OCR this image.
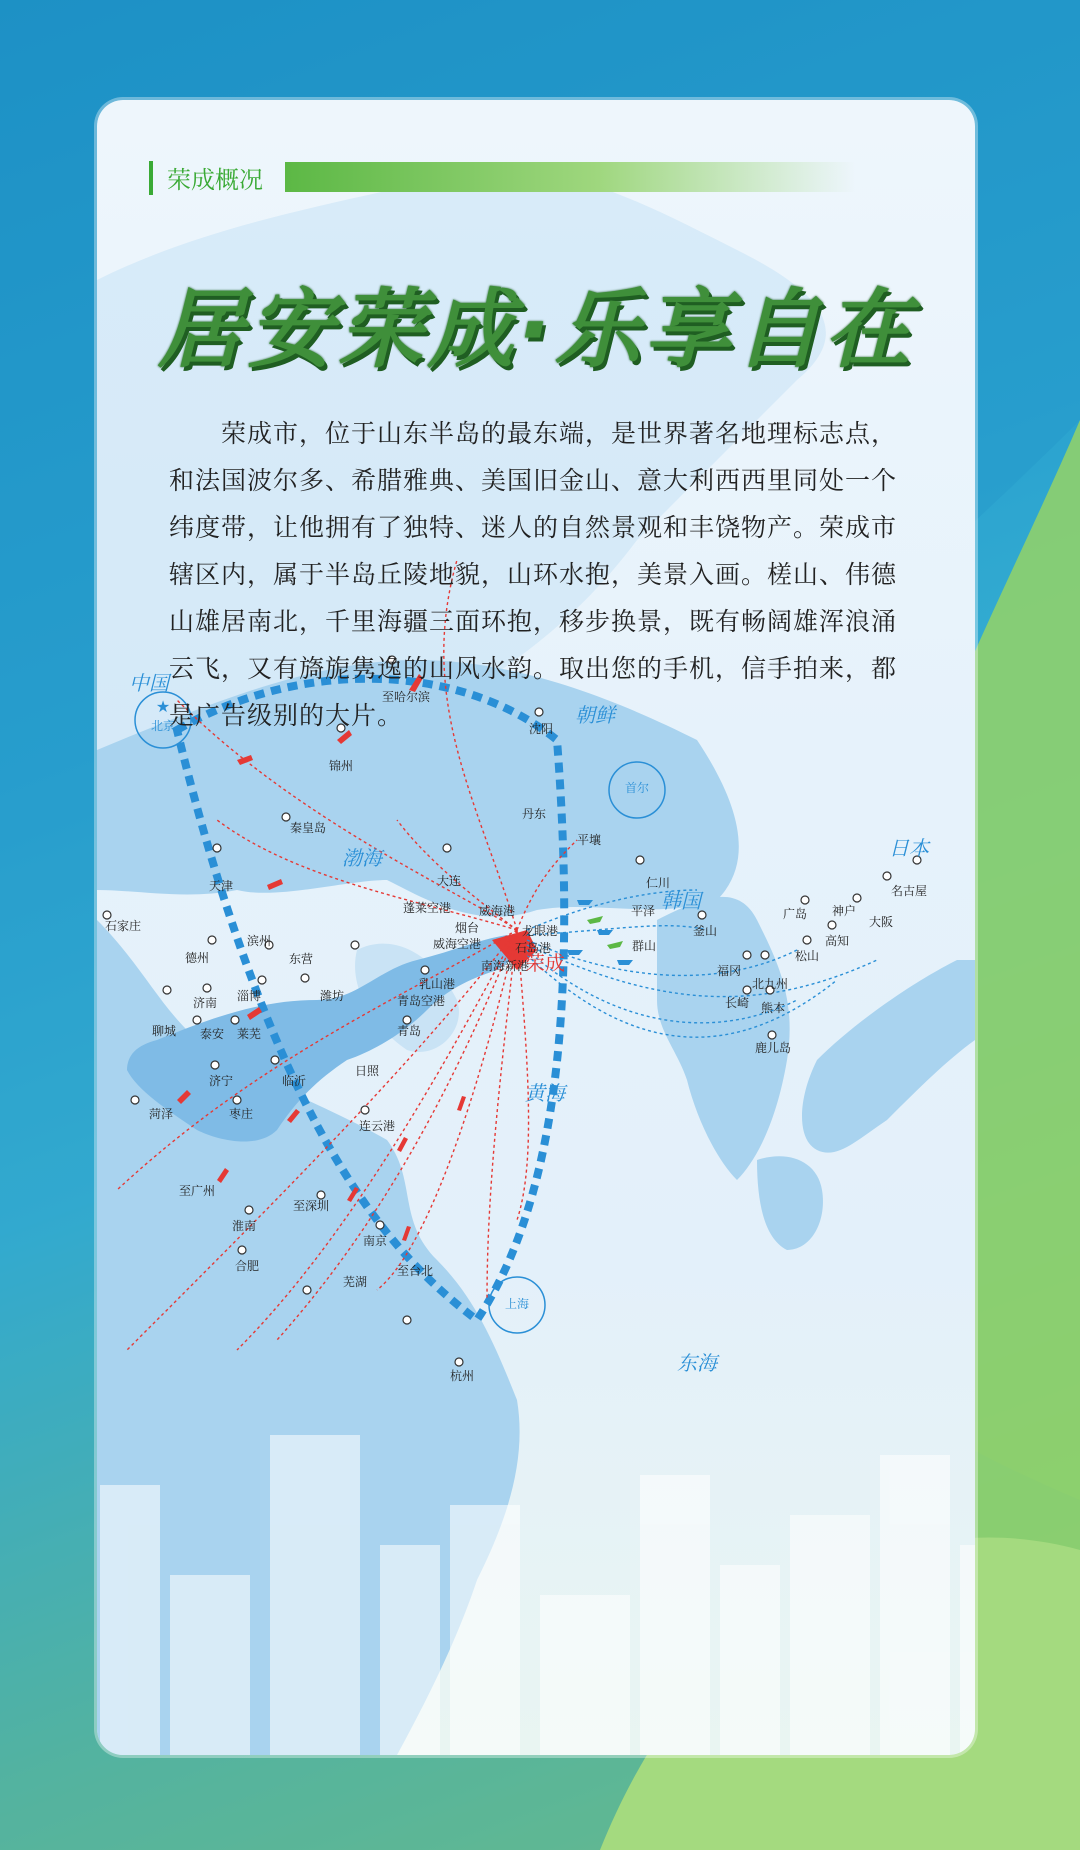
★	至哈尔滨
沈阳
锦州
丹东
秦皇岛
平壤
天津	大连	仁川
平泽
群山
釜山
石家庄
蓬莱空港 威海港
烟台
威海空港
龙眼港
石岛港
南海新港
乳山港
青岛空港
青岛
德州
滨州
东营
济南 淄博	潍坊
聊城 泰安 莱芜
日照
济宁	临沂
菏泽	枣庄
连云港
至广州
至深圳
淮南
南京
合肥
芜湖
至台北
杭州
福冈
北九州
长崎 熊本
鹿儿岛
广岛
松山
高知
神户
大阪
名古屋
北京
首尔
上海
中国
朝鲜
韩国
日本
渤海
黄海
东海
荣成
荣成概况
居安荣成·乐享自在
荣成市，位于山东半岛的最东端，是世界著名地理标志点，和法国波尔多、希腊雅典、美国旧金山、意大利西西里同处一个纬度带，让他拥有了独特、迷人的自然景观和丰饶物产。荣成市辖区内，属于半岛丘陵地貌，山环水抱，美景入画。槎山、伟德山雄居南北，千里海疆三面环抱，移步换景，既有畅阔雄浑浪涌云飞，又有旖旎隽逸的山风水韵。取出您的手机，信手拍来，都是广告级别的大片。
